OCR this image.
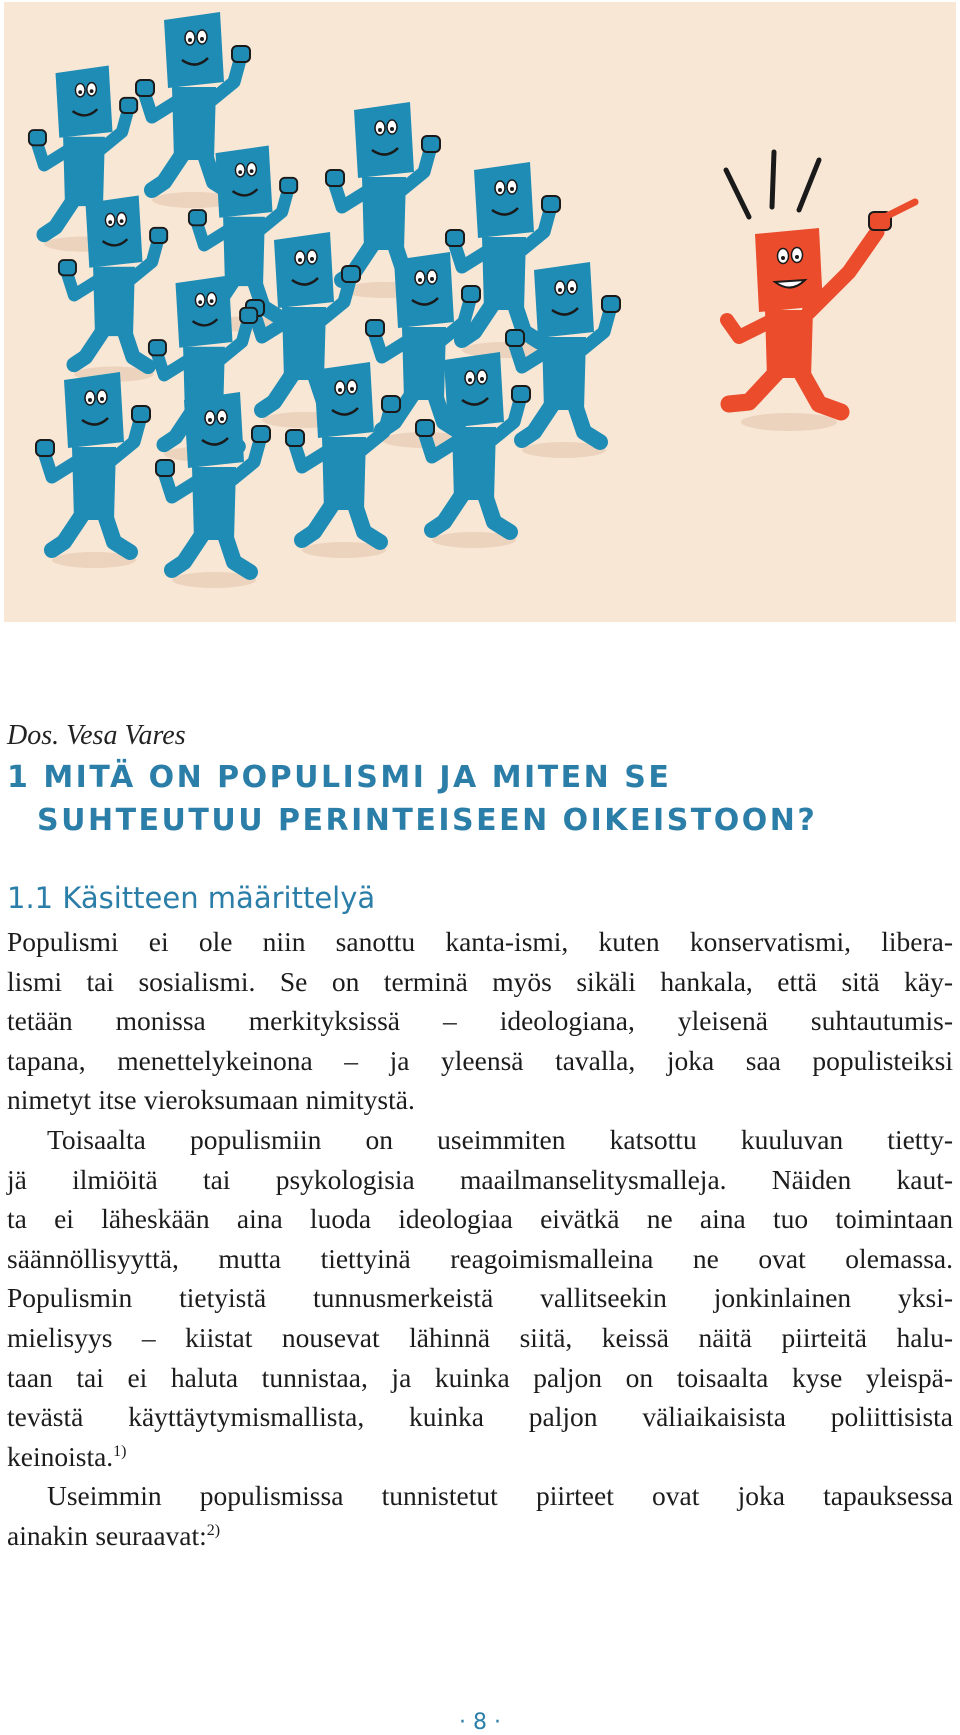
Dos. Vesa Vares

1 MITÄ ON POPULISMI JA MITEN SE
SUHTEUTUU PERINTEISEEN OIKEISTOON?
1.1 Käsitteen määrittelyä

Populismi ei ole niin sanottu kanta-ismi, kuten konservatismi, libera-
lismi tai sosialismi. Se on terminä myös sikäli hankala, että sitä käy-
tetään monissa merkityksissä – ideologiana, yleisenä suhtautumis-
tapana, menettelykeinona – ja yleensä tavalla, joka saa populisteiksi
nimetyt itse vieroksumaan nimitystä.

Toisaalta populismiin on useimmiten katsottu kuuluvan tietty-
jä ilmiöitä tai psykologisia maailmanselitysmalleja. Näiden kaut-
ta ei läheskään aina luoda ideologiaa eivätkä ne aina tuo toimintaan
säännöllisyyttä, mutta tiettyinä reagoimismalleina ne ovat olemassa.
Populismin tietyistä tunnusmerkeistä vallitseekin jonkinlainen yksi-
mielisyys – kiistat nousevat lähinnä siitä, keissä näitä piirteitä halu-
taan tai ei haluta tunnistaa, ja kuinka paljon on toisaalta kyse yleispä-
tevästä käyttäytymismallista, kuinka paljon väliaikaisista poliittisista
keinoista.$^{1)}$

Useimmin populismissa tunnistetut piirteet ovat joka tapauksessa
ainakin seuraavat:$^{2)}$

· 8 ·
